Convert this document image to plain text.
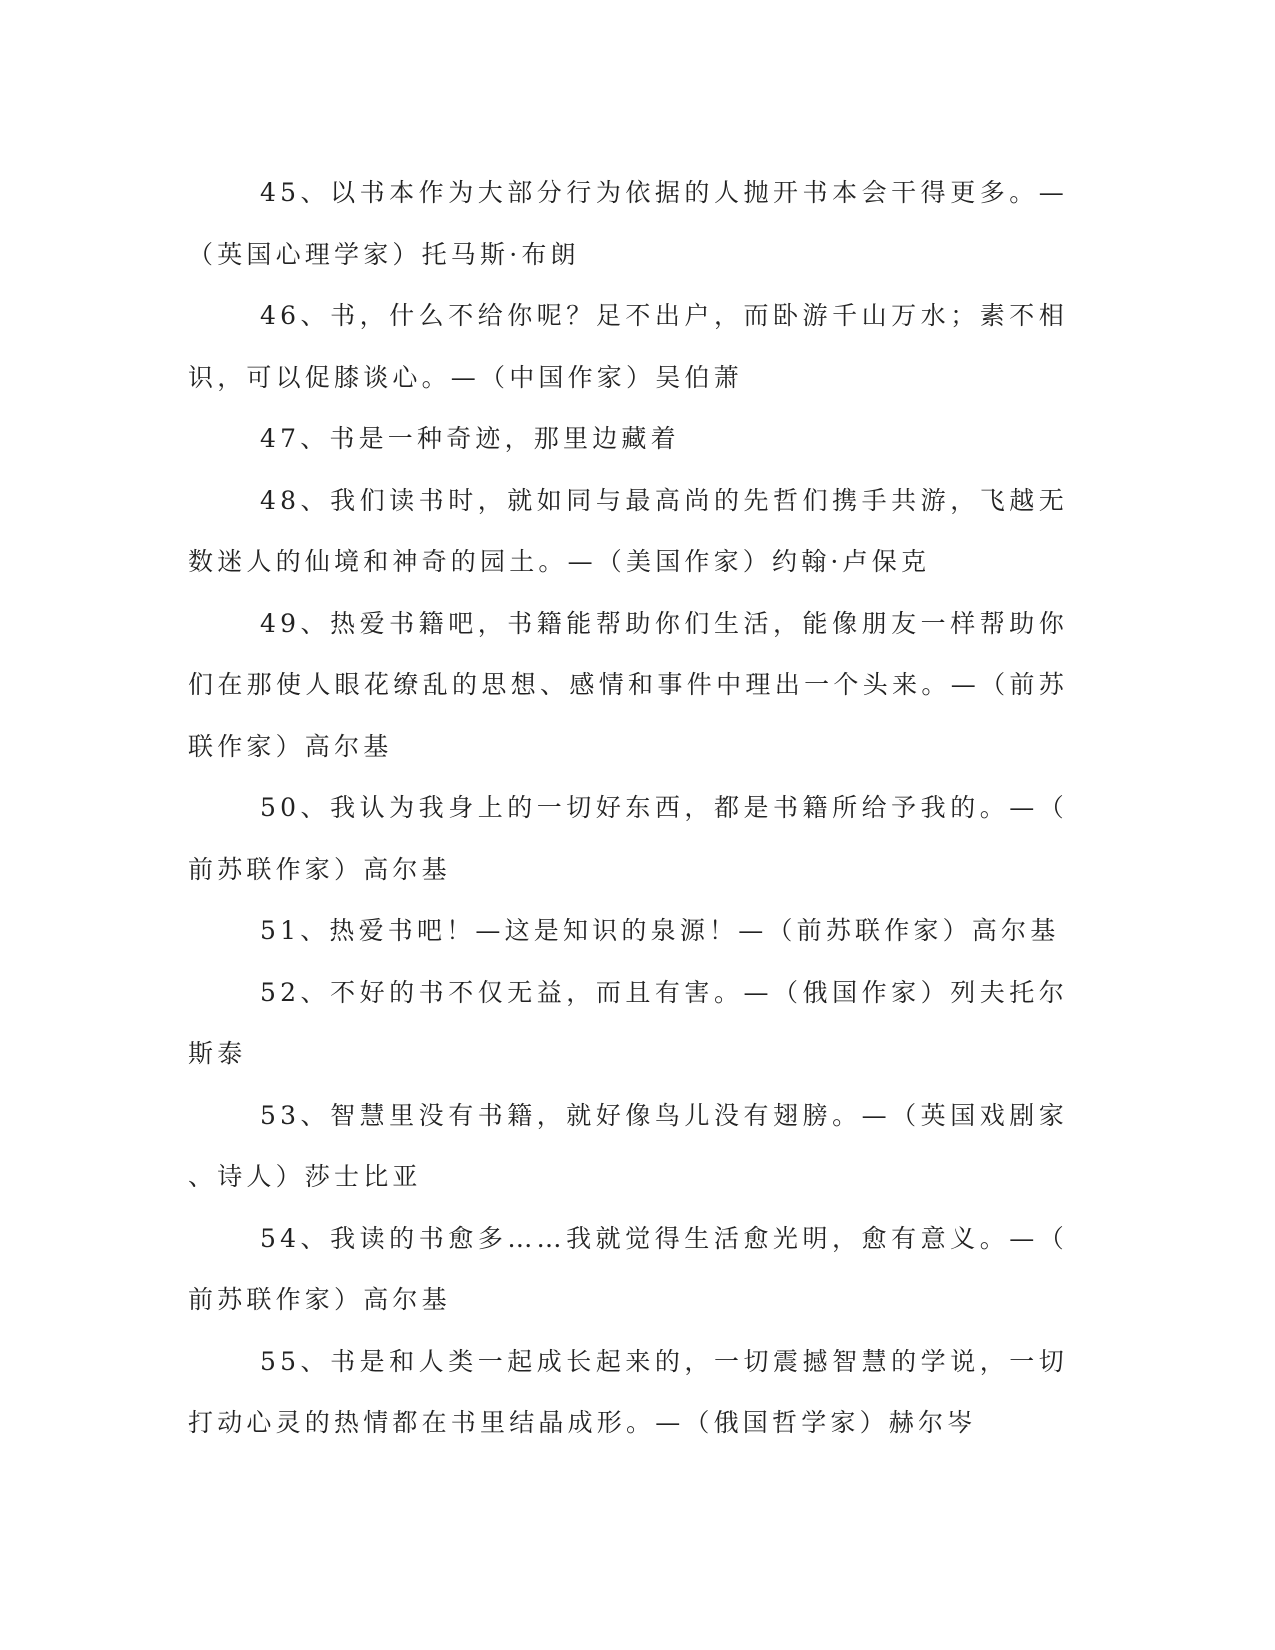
45、以书本作为大部分行为依据的人抛开书本会干得更多。—（英国心理学家）托马斯·布朗

46、书，什么不给你呢？足不出户，而卧游千山万水；素不相识，可以促膝谈心。—（中国作家）吴伯萧

47、书是一种奇迹，那里边藏着

48、我们读书时，就如同与最高尚的先哲们携手共游，飞越无数迷人的仙境和神奇的园土。—（美国作家）约翰·卢保克

49、热爱书籍吧，书籍能帮助你们生活，能像朋友一样帮助你们在那使人眼花缭乱的思想、感情和事件中理出一个头来。—（前苏联作家）高尔基

50、我认为我身上的一切好东西，都是书籍所给予我的。—（前苏联作家）高尔基

51、热爱书吧！—这是知识的泉源！—（前苏联作家）高尔基

52、不好的书不仅无益，而且有害。—（俄国作家）列夫托尔斯泰

53、智慧里没有书籍，就好像鸟儿没有翅膀。—（英国戏剧家、诗人）莎士比亚

54、我读的书愈多……我就觉得生活愈光明，愈有意义。—（前苏联作家）高尔基

55、书是和人类一起成长起来的，一切震撼智慧的学说，一切打动心灵的热情都在书里结晶成形。—（俄国哲学家）赫尔岑
